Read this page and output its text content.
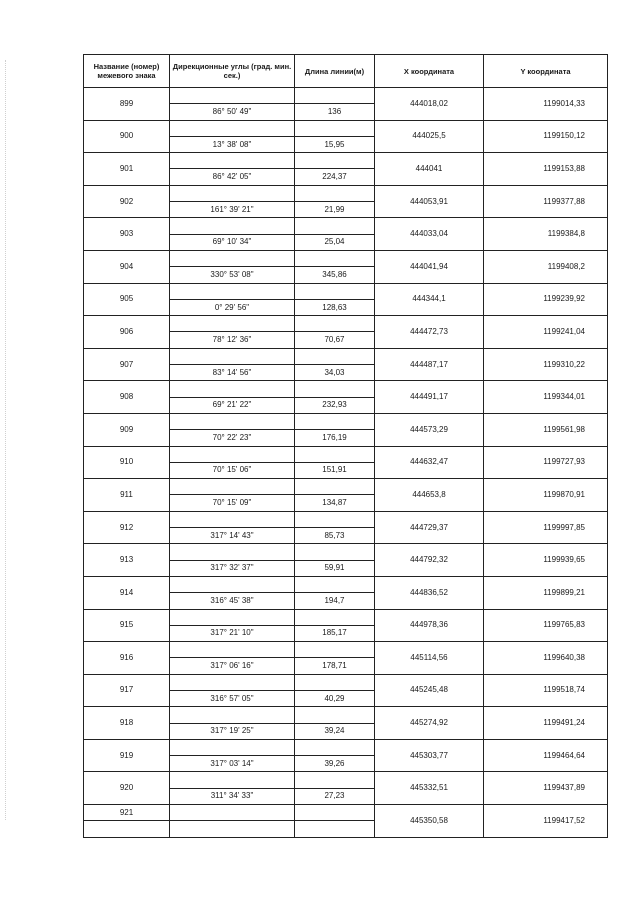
Название (номер) межевого знака	Дирекционные углы (град. мин. сек.)	Длина линии(м)	X координата	Y координата
899			444018,02	1199014,33
	86° 50' 49"	136		
900			444025,5	1199150,12
	13° 38' 08"	15,95		
901			444041	1199153,88
	86° 42' 05"	224,37		
902			444053,91	1199377,88
	161° 39' 21"	21,99		
903			444033,04	1199384,8
	69° 10' 34"	25,04		
904			444041,94	1199408,2
	330° 53' 08"	345,86		
905			444344,1	1199239,92
	0° 29' 56"	128,63		
906			444472,73	1199241,04
	78° 12' 36"	70,67		
907			444487,17	1199310,22
	83° 14' 56"	34,03		
908			444491,17	1199344,01
	69° 21' 22"	232,93		
909			444573,29	1199561,98
	70° 22' 23"	176,19		
910			444632,47	1199727,93
	70° 15' 06"	151,91		
911			444653,8	1199870,91
	70° 15' 09"	134,87		
912			444729,37	1199997,85
	317° 14' 43"	85,73		
913			444792,32	1199939,65
	317° 32' 37"	59,91		
914			444836,52	1199899,21
	316° 45' 38"	194,7		
915			444978,36	1199765,83
	317° 21' 10"	185,17		
916			445114,56	1199640,38
	317° 06' 16"	178,71		
917			445245,48	1199518,74
	316° 57' 05"	40,29		
918			445274,92	1199491,24
	317° 19' 25"	39,24		
919			445303,77	1199464,64
	317° 03' 14"	39,26		
920			445332,51	1199437,89
	311° 34' 33"	27,23		
921			445350,58	1199417,52
